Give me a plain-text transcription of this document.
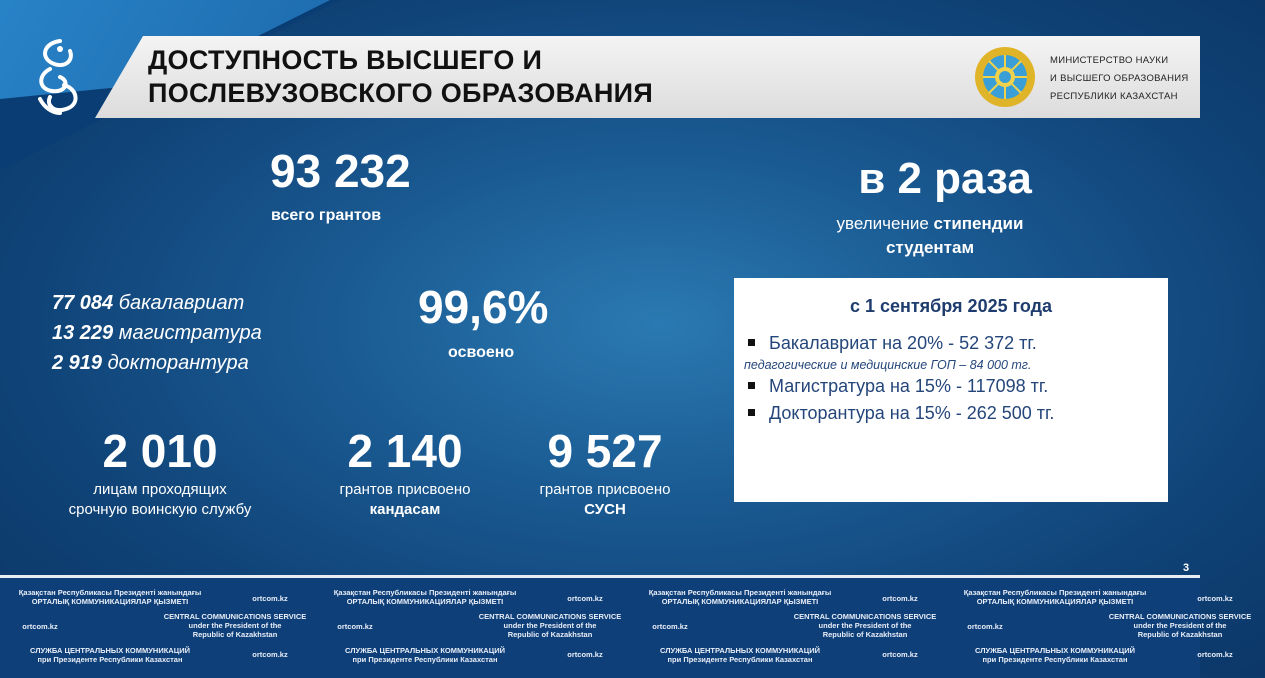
ДОСТУПНОСТЬ ВЫСШЕГО И
ПОСЛЕВУЗОВСКОГО ОБРАЗОВАНИЯ
МИНИСТЕРСТВО НАУКИ
И ВЫСШЕГО ОБРАЗОВАНИЯ
РЕСПУБЛИКИ КАЗАХСТАН
93 232
всего грантов
77 084 бакалавриат
13 229 магистратура
2 919 докторантура
99,6%
освоено
2 010
лицам проходящих
срочную воинскую службу
2 140
грантов присвоено
кандасам
9 527
грантов присвоено
СУСН
в 2 раза
увеличение стипендии
студентам
с 1 сентября 2025 года
Бакалавриат на 20% - 52 372 тг.
педагогические и медицинские ГОП – 84 000 тг.
Магистратура на 15% - 117098 тг.
Докторантура на 15% - 262 500 тг.
3
Қазақстан Республикасы Президенті жанындағы
ОРТАЛЫҚ КОММУНИКАЦИЯЛАР ҚЫЗМЕТІ	ortcom.kz
ortcom.kz
CENTRAL COMMUNICATIONS SERVICE
under the President of the
Republic of Kazakhstan
СЛУЖБА ЦЕНТРАЛЬНЫХ КОММУНИКАЦИЙ
при Президенте Республики Казахстан
ortcom.kz
Қазақстан Республикасы Президенті жанындағы
ОРТАЛЫҚ КОММУНИКАЦИЯЛАР ҚЫЗМЕТІ	ortcom.kz
ortcom.kz
CENTRAL COMMUNICATIONS SERVICE
under the President of the
Republic of Kazakhstan
СЛУЖБА ЦЕНТРАЛЬНЫХ КОММУНИКАЦИЙ
при Президенте Республики Казахстан
ortcom.kz
Қазақстан Республикасы Президенті жанындағы
ОРТАЛЫҚ КОММУНИКАЦИЯЛАР ҚЫЗМЕТІ	ortcom.kz
ortcom.kz
CENTRAL COMMUNICATIONS SERVICE
under the President of the
Republic of Kazakhstan
СЛУЖБА ЦЕНТРАЛЬНЫХ КОММУНИКАЦИЙ
при Президенте Республики Казахстан
ortcom.kz
Қазақстан Республикасы Президенті жанындағы
ОРТАЛЫҚ КОММУНИКАЦИЯЛАР ҚЫЗМЕТІ	ortcom.kz
ortcom.kz
CENTRAL COMMUNICATIONS SERVICE
under the President of the
Republic of Kazakhstan
СЛУЖБА ЦЕНТРАЛЬНЫХ КОММУНИКАЦИЙ
при Президенте Республики Казахстан
ortcom.kz
